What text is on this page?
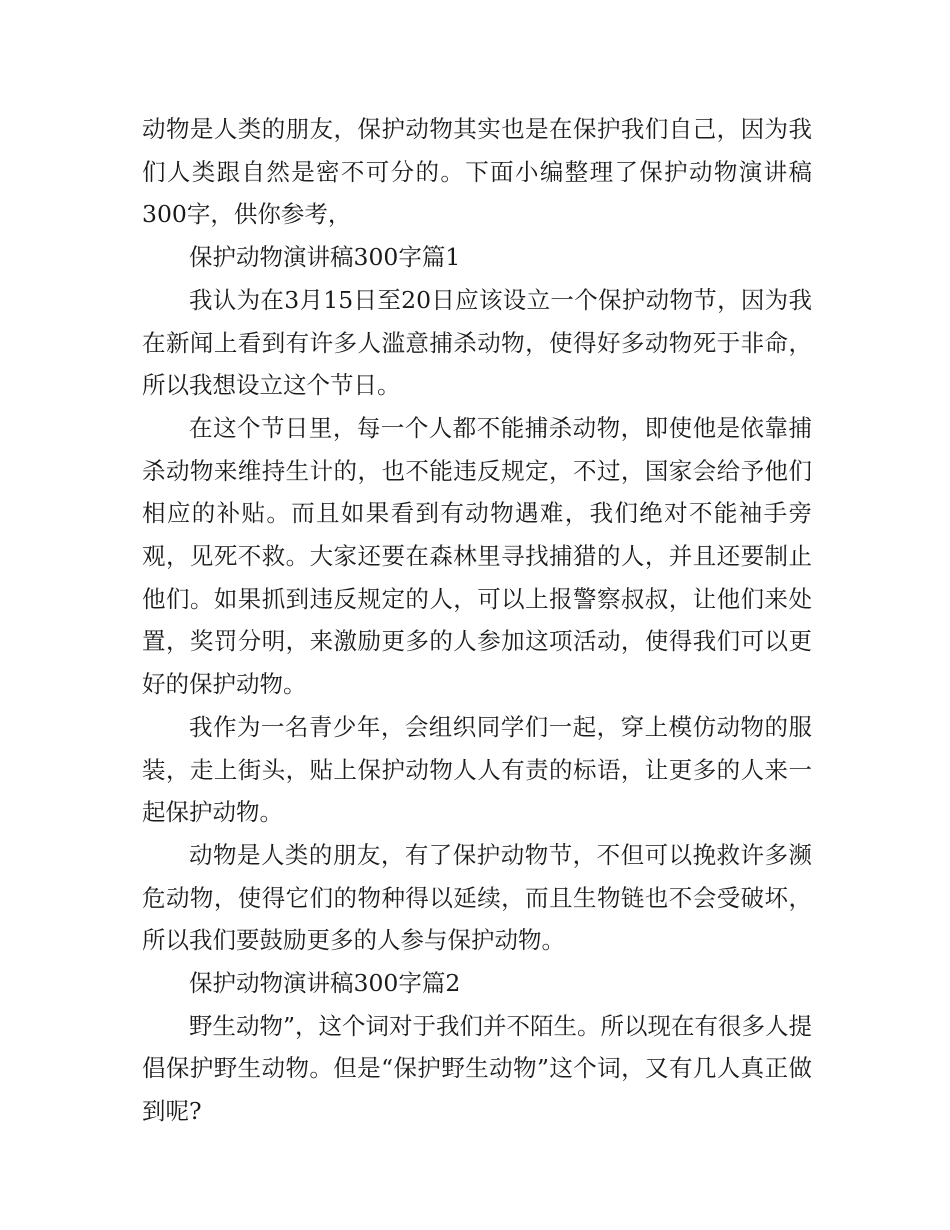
动物是人类的朋友，保护动物其实也是在保护我们自己，因为我们人类跟自然是密不可分的。下面小编整理了保护动物演讲稿300字，供你参考，

保护动物演讲稿300字篇1

我认为在3月15日至20日应该设立一个保护动物节，因为我在新闻上看到有许多人滥意捕杀动物，使得好多动物死于非命，所以我想设立这个节日。

在这个节日里，每一个人都不能捕杀动物，即使他是依靠捕杀动物来维持生计的，也不能违反规定，不过，国家会给予他们相应的补贴。而且如果看到有动物遇难，我们绝对不能袖手旁观，见死不救。大家还要在森林里寻找捕猎的人，并且还要制止他们。如果抓到违反规定的人，可以上报警察叔叔，让他们来处置，奖罚分明，来激励更多的人参加这项活动，使得我们可以更好的保护动物。

我作为一名青少年，会组织同学们一起，穿上模仿动物的服装，走上街头，贴上保护动物人人有责的标语，让更多的人来一起保护动物。

动物是人类的朋友，有了保护动物节，不但可以挽救许多濒危动物，使得它们的物种得以延续，而且生物链也不会受破坏，所以我们要鼓励更多的人参与保护动物。

保护动物演讲稿300字篇2

野生动物”，这个词对于我们并不陌生。所以现在有很多人提倡保护野生动物。但是“保护野生动物”这个词，又有几人真正做到呢?
